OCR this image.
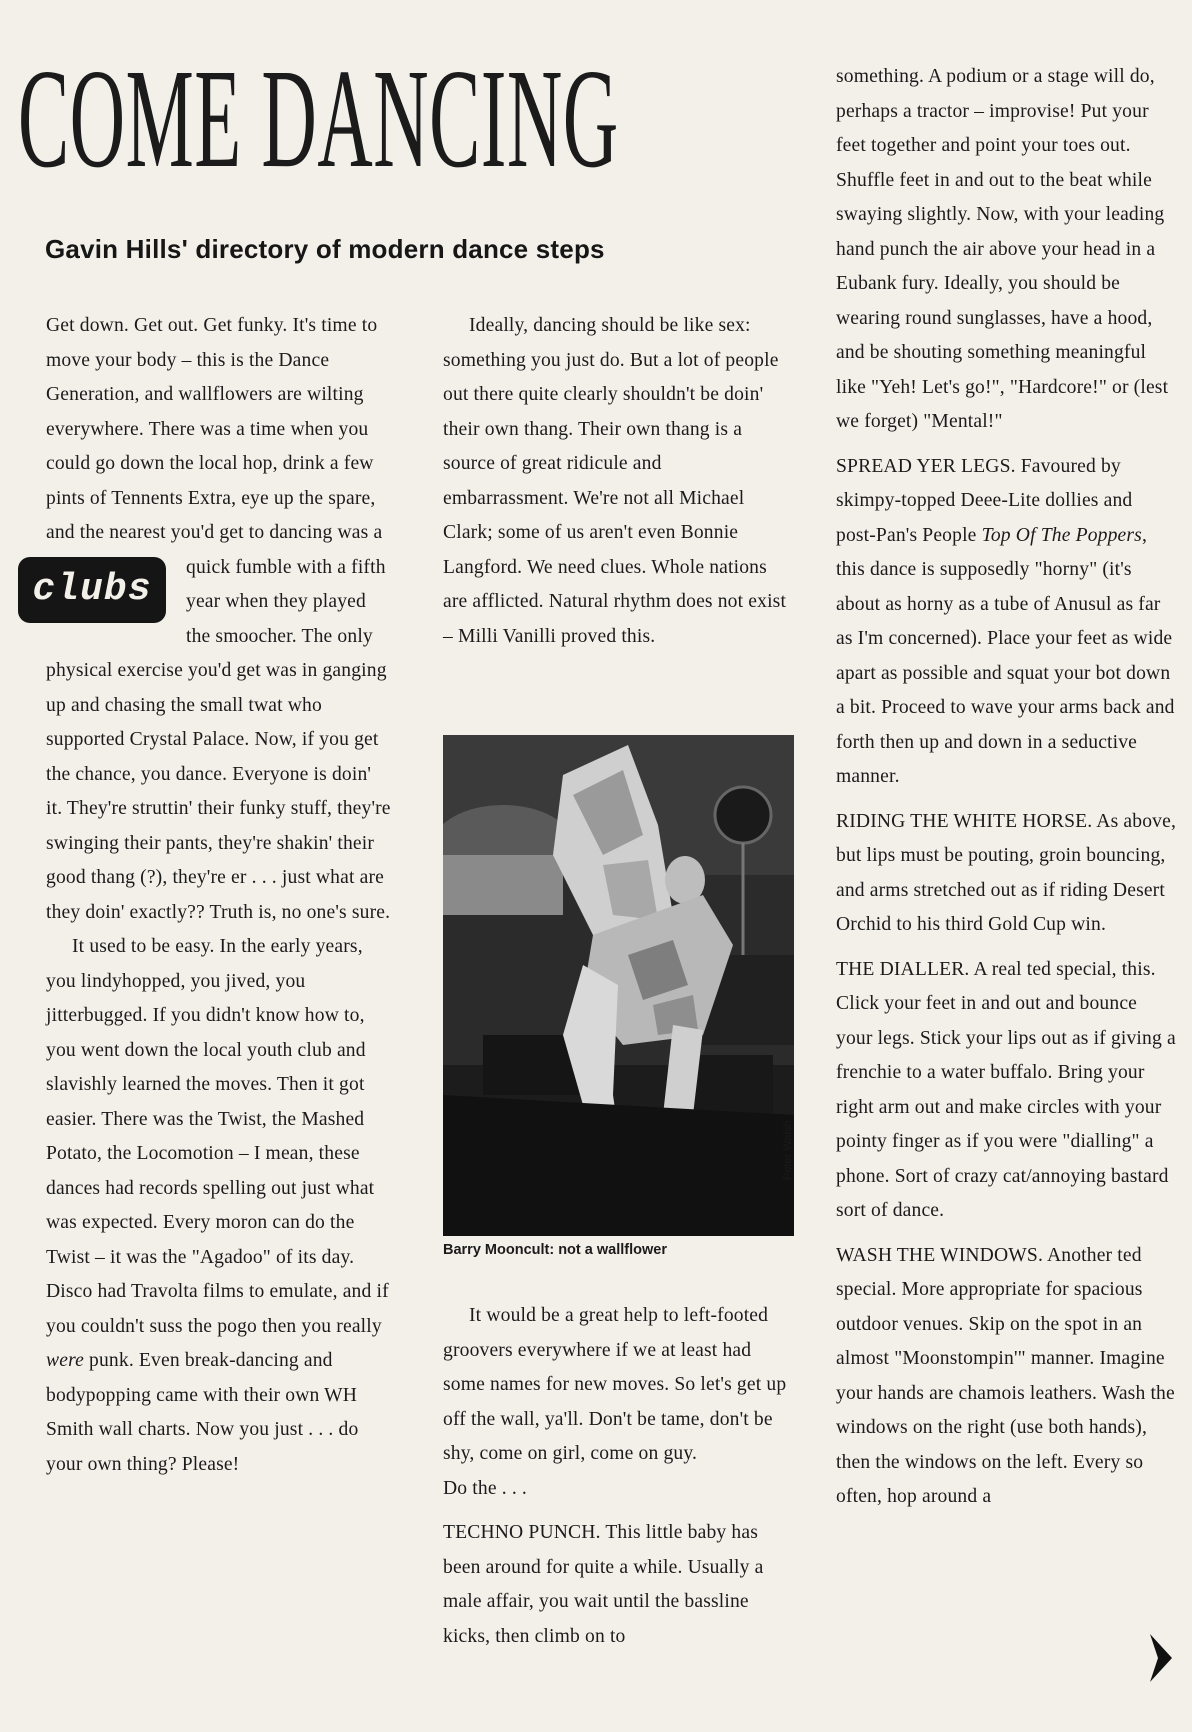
COME DANCING
Gavin Hills' directory of modern dance steps

Get down. Get out. Get funky. It's time to move your body – this is the Dance Generation, and wallflowers are wilting everywhere. There was a time when you could go down the local hop, drink a few pints of Tennents Extra, eye up the spare, and the nearest you'd get to dancing
clubs
was a quick fumble with a fifth year when they played the smoocher. The only physical exercise you'd get was in ganging up and chasing the small twat who supported Crystal Palace. Now, if you get the chance, you dance. Everyone is doin' it. They're struttin' their funky stuff, they're swinging their pants, they're shakin' their good thang (?), they're er . . . just what are they doin' exactly?? Truth is, no one's sure.

It used to be easy. In the early years, you lindyhopped, you jived, you jitterbugged. If you didn't know how to, you went down the local youth club and slavishly learned the moves. Then it got easier. There was the Twist, the Mashed Potato, the Locomotion – I mean, these dances had records spelling out just what was expected. Every moron can do the Twist – it was the "Agadoo" of its day. Disco had Travolta films to emulate, and if you couldn't suss the pogo then you really were punk. Even break-dancing and bodypopping came with their own WH Smith wall charts. Now you just . . . do your own thing? Please!

Ideally, dancing should be like sex: something you just do. But a lot of people out there quite clearly shouldn't be doin' their own thang. Their own thang is a source of great ridicule and embarrassment. We're not all Michael Clark; some of us aren't even Bonnie Langford. We need clues. Whole nations are afflicted. Natural rhythm does not exist – Milli Vanilli proved this.

Barry Mooncult: not a wallflower

Peter Walsh

It would be a great help to left-footed groovers everywhere if we at least had some names for new moves. So let's get up off the wall, ya'll. Don't be tame, don't be shy, come on girl, come on guy.

Do the . . .

TECHNO PUNCH. This little baby has been around for quite a while. Usually a male affair, you wait until the bassline kicks, then climb on to

something. A podium or a stage will do, perhaps a tractor – improvise! Put your feet together and point your toes out. Shuffle feet in and out to the beat while swaying slightly. Now, with your leading hand punch the air above your head in a Eubank fury. Ideally, you should be wearing round sunglasses, have a hood, and be shouting something meaningful like "Yeh! Let's go!", "Hardcore!" or (lest we forget) "Mental!"

SPREAD YER LEGS. Favoured by skimpy-topped Deee-Lite dollies and post-Pan's People Top Of The Poppers, this dance is supposedly "horny" (it's about as horny as a tube of Anusul as far as I'm concerned). Place your feet as wide apart as possible and squat your bot down a bit. Proceed to wave your arms back and forth then up and down in a seductive manner.

RIDING THE WHITE HORSE. As above, but lips must be pouting, groin bouncing, and arms stretched out as if riding Desert Orchid to his third Gold Cup win.

THE DIALLER. A real ted special, this. Click your feet in and out and bounce your legs. Stick your lips out as if giving a frenchie to a water buffalo. Bring your right arm out and make circles with your pointy finger as if you were "dialling" a phone. Sort of crazy cat/annoying bastard sort of dance.

WASH THE WINDOWS. Another ted special. More appropriate for spacious outdoor venues. Skip on the spot in an almost "Moonstompin'" manner. Imagine your hands are chamois leathers. Wash the windows on the right (use both hands), then the windows on the left. Every so often, hop around a
